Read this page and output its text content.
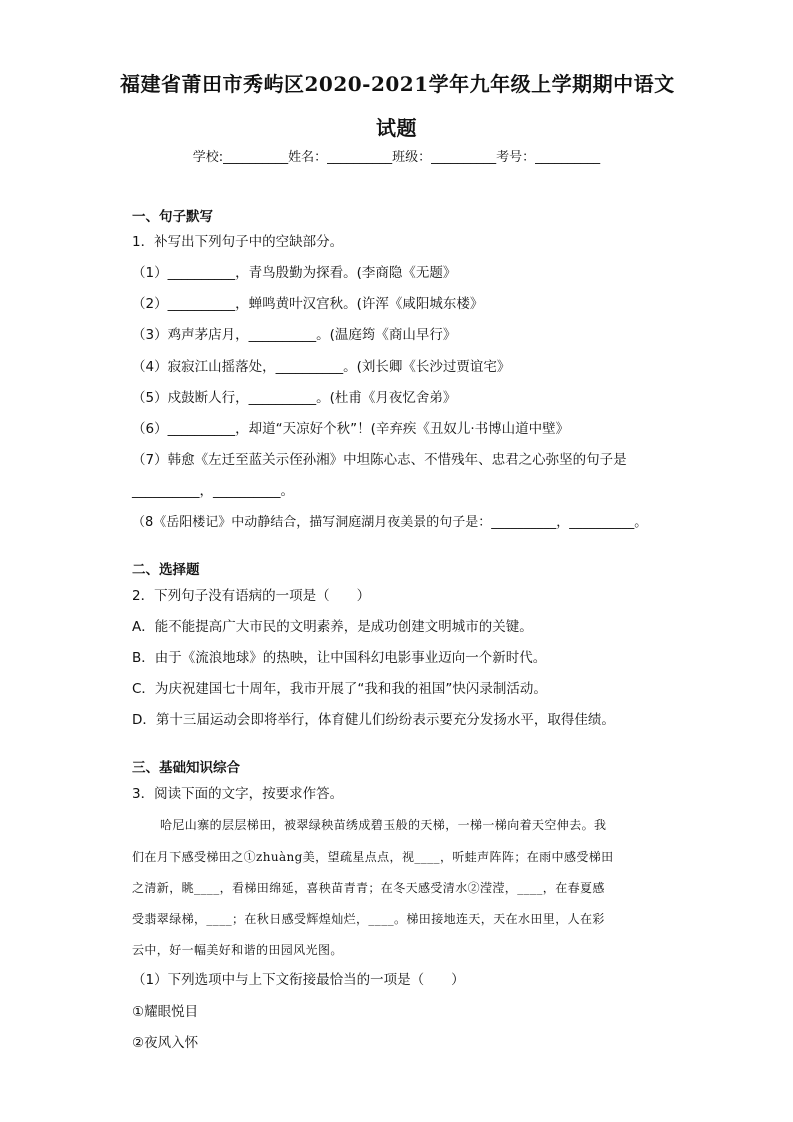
福建省莆田市秀屿区2020-2021学年九年级上学期期中语文
试题
学校:__________姓名：__________班级：__________考号：__________
一、句子默写
1．补写出下列句子中的空缺部分。
（1）__________，青鸟殷勤为探看。(李商隐《无题》
（2）__________，蝉鸣黄叶汉宫秋。(许浑《咸阳城东楼》
（3）鸡声茅店月，__________。(温庭筠《商山早行》
（4）寂寂江山摇落处，__________。(刘长卿《长沙过贾谊宅》
（5）戍鼓断人行，__________。(杜甫《月夜忆舍弟》
（6）__________，却道“天凉好个秋”！(辛弃疾《丑奴儿·书博山道中壁》
（7）韩愈《左迁至蓝关示侄孙湘》中坦陈心志、不惜残年、忠君之心弥坚的句子是
__________，__________。
（8《岳阳楼记》中动静结合，描写洞庭湖月夜美景的句子是：__________，__________。
二、选择题
2．下列句子没有语病的一项是（　　）
A．能不能提高广大市民的文明素养，是成功创建文明城市的关键。
B．由于《流浪地球》的热映，让中国科幻电影事业迈向一个新时代。
C．为庆祝建国七十周年，我市开展了“我和我的祖国”快闪录制活动。
D．第十三届运动会即将举行，体育健儿们纷纷表示要充分发扬水平，取得佳绩。
三、基础知识综合
3．阅读下面的文字，按要求作答。
哈尼山寨的层层梯田，被翠绿秧苗绣成碧玉般的天梯，一梯一梯向着天空伸去。我
们在月下感受梯田之①zhuàng美，望疏星点点，视____，听蛙声阵阵；在雨中感受梯田
之清新，眺____，看梯田绵延，喜秧苗青青；在冬天感受清水②滢滢，____，在春夏感
受翡翠绿梯，____；在秋日感受辉煌灿烂，____。梯田接地连天，天在水田里，人在彩
云中，好一幅美好和谐的田园风光图。
（1）下列选项中与上下文衔接最恰当的一项是（　　）
①耀眼悦目
②夜风入怀
